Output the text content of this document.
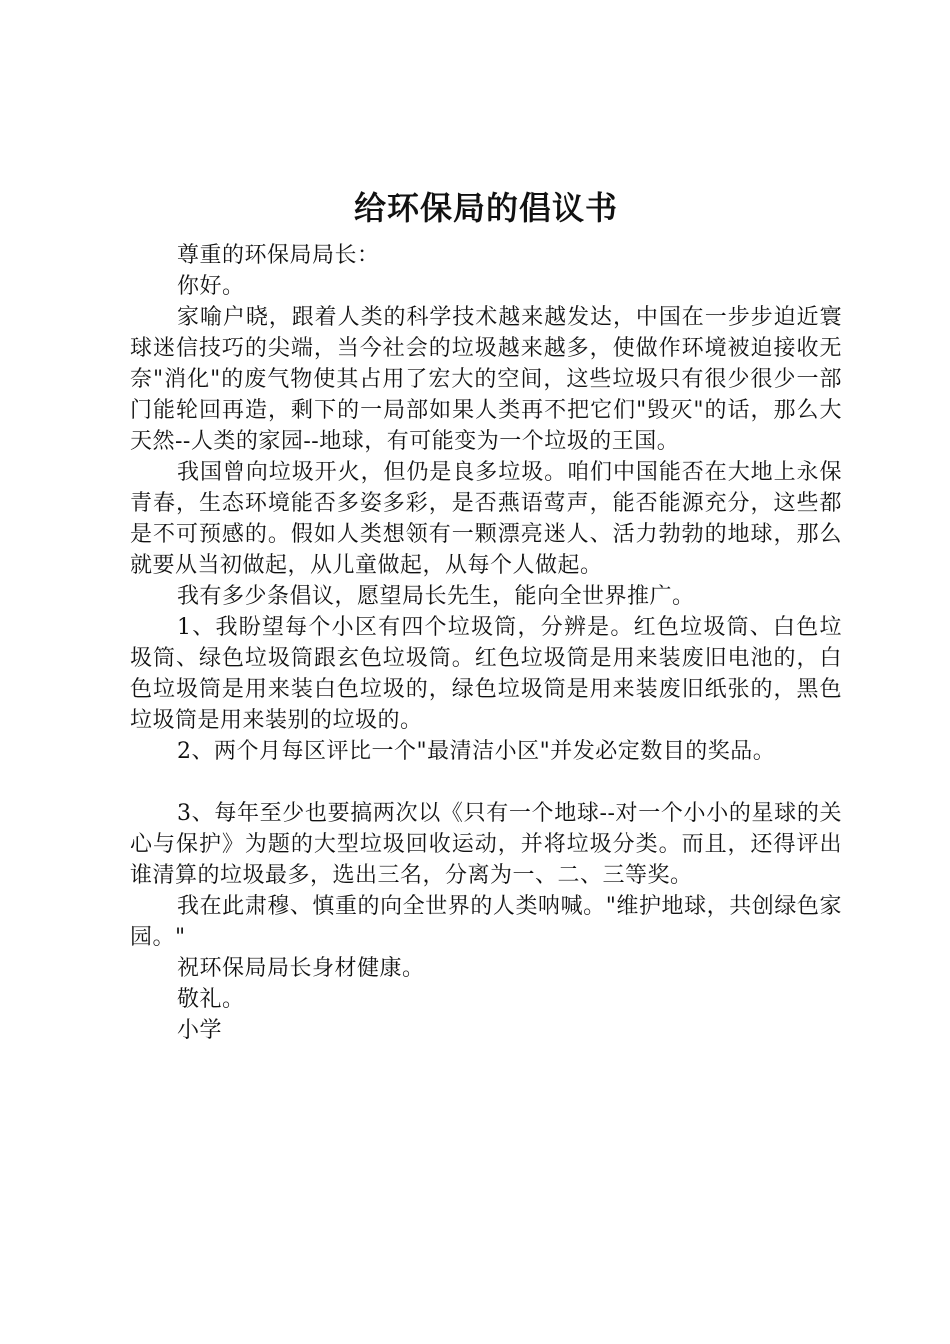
给环保局的倡议书

尊重的环保局局长：

你好。

家喻户晓，跟着人类的科学技术越来越发达，中国在一步步迫近寰球迷信技巧的尖端，当今社会的垃圾越来越多，使做作环境被迫接收无奈"消化"的废气物使其占用了宏大的空间，这些垃圾只有很少很少一部门能轮回再造，剩下的一局部如果人类再不把它们"毁灭"的话，那么大天然--人类的家园--地球，有可能变为一个垃圾的王国。

我国曾向垃圾开火，但仍是良多垃圾。咱们中国能否在大地上永保青春，生态环境能否多姿多彩，是否燕语莺声，能否能源充分，这些都是不可预感的。假如人类想领有一颗漂亮迷人、活力勃勃的地球，那么就要从当初做起，从儿童做起，从每个人做起。

我有多少条倡议，愿望局长先生，能向全世界推广。

1、我盼望每个小区有四个垃圾筒，分辨是。红色垃圾筒、白色垃圾筒、绿色垃圾筒跟玄色垃圾筒。红色垃圾筒是用来装废旧电池的，白色垃圾筒是用来装白色垃圾的，绿色垃圾筒是用来装废旧纸张的，黑色垃圾筒是用来装别的垃圾的。

2、两个月每区评比一个"最清洁小区"并发必定数目的奖品。

3、每年至少也要搞两次以《只有一个地球--对一个小小的星球的关心与保护》为题的大型垃圾回收运动，并将垃圾分类。而且，还得评出谁清算的垃圾最多，选出三名，分离为一、二、三等奖。

我在此肃穆、慎重的向全世界的人类呐喊。"维护地球，共创绿色家园。"

祝环保局局长身材健康。

敬礼。

小学
